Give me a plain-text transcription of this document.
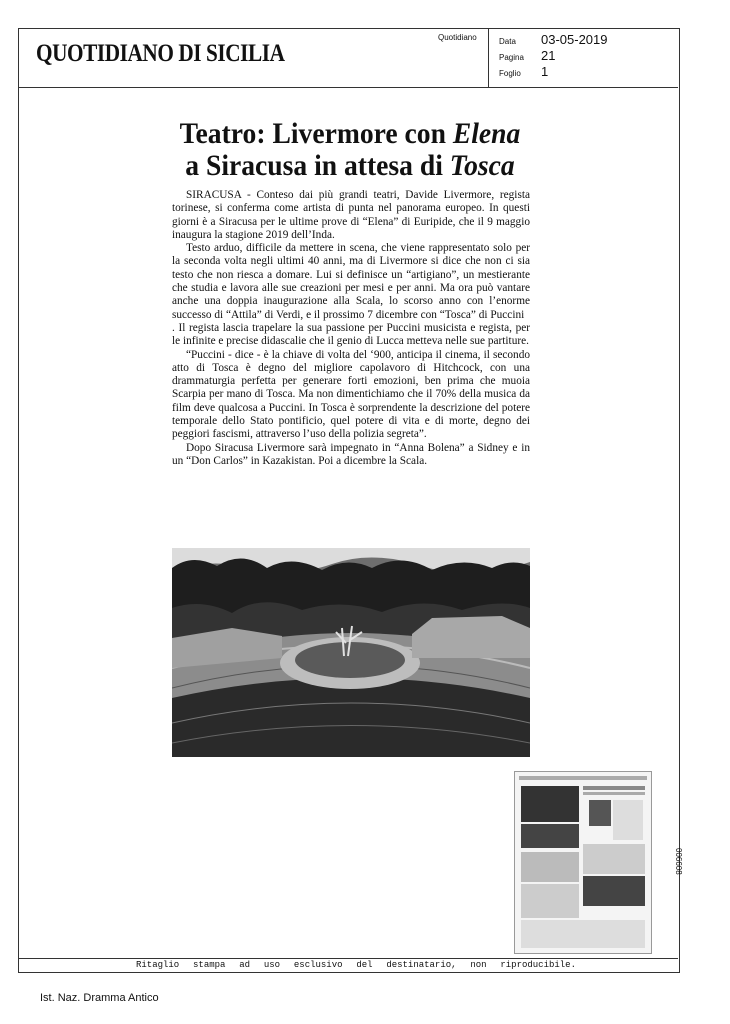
QUOTIDIANO DI SICILIA
Quotidiano	Data	03-05-2019
Pagina	21
Foglio	1
Teatro: Livermore con Elena
a Siracusa in attesa di Tosca

SIRACUSA - Conteso dai più grandi teatri, Davide Livermore, regista torinese, si conferma come artista di punta nel panorama europeo. In questi giorni è a Siracusa per le ultime prove di “Elena” di Euripide, che il 9 maggio inaugura la stagione 2019 dell’Inda.

Testo arduo, difficile da mettere in scena, che viene rappresentato solo per la seconda volta negli ultimi 40 anni, ma di Livermore si dice che non ci sia testo che non riesca a domare. Lui si definisce un “artigiano”, un mestierante che studia e lavora alle sue creazioni per mesi e per anni. Ma ora può vantare anche una doppia inaugurazione alla Scala, lo scorso anno con l’enorme successo di “Attila” di Verdi, e il prossimo 7 dicembre con “Tosca” di Puccini

. Il regista lascia trapelare la sua passione per Puccini musicista e regista, per le infinite e precise didascalie che il genio di Lucca metteva nelle sue partiture.

“Puccini - dice - è la chiave di volta del ‘900, anticipa il cinema, il secondo atto di Tosca è degno del migliore capolavoro di Hitchcock, con una drammaturgia perfetta per generare forti emozioni, ben prima che muoia Scarpia per mano di Tosca. Ma non dimentichiamo che il 70% della musica da film deve qualcosa a Puccini. In Tosca è sorprendente la descrizione del potere temporale dello Stato pontificio, quel potere di vita e di morte, degno dei peggiori fascismi, attraverso l’uso della polizia segreta”.

Dopo Siracusa Livermore sarà impegnato in “Anna Bolena” a Sidney e in un “Don Carlos” in Kazakistan. Poi a dicembre la Scala.

006608
Ritaglio stampa ad uso esclusivo del destinatario, non riproducibile.
Ist. Naz. Dramma Antico
